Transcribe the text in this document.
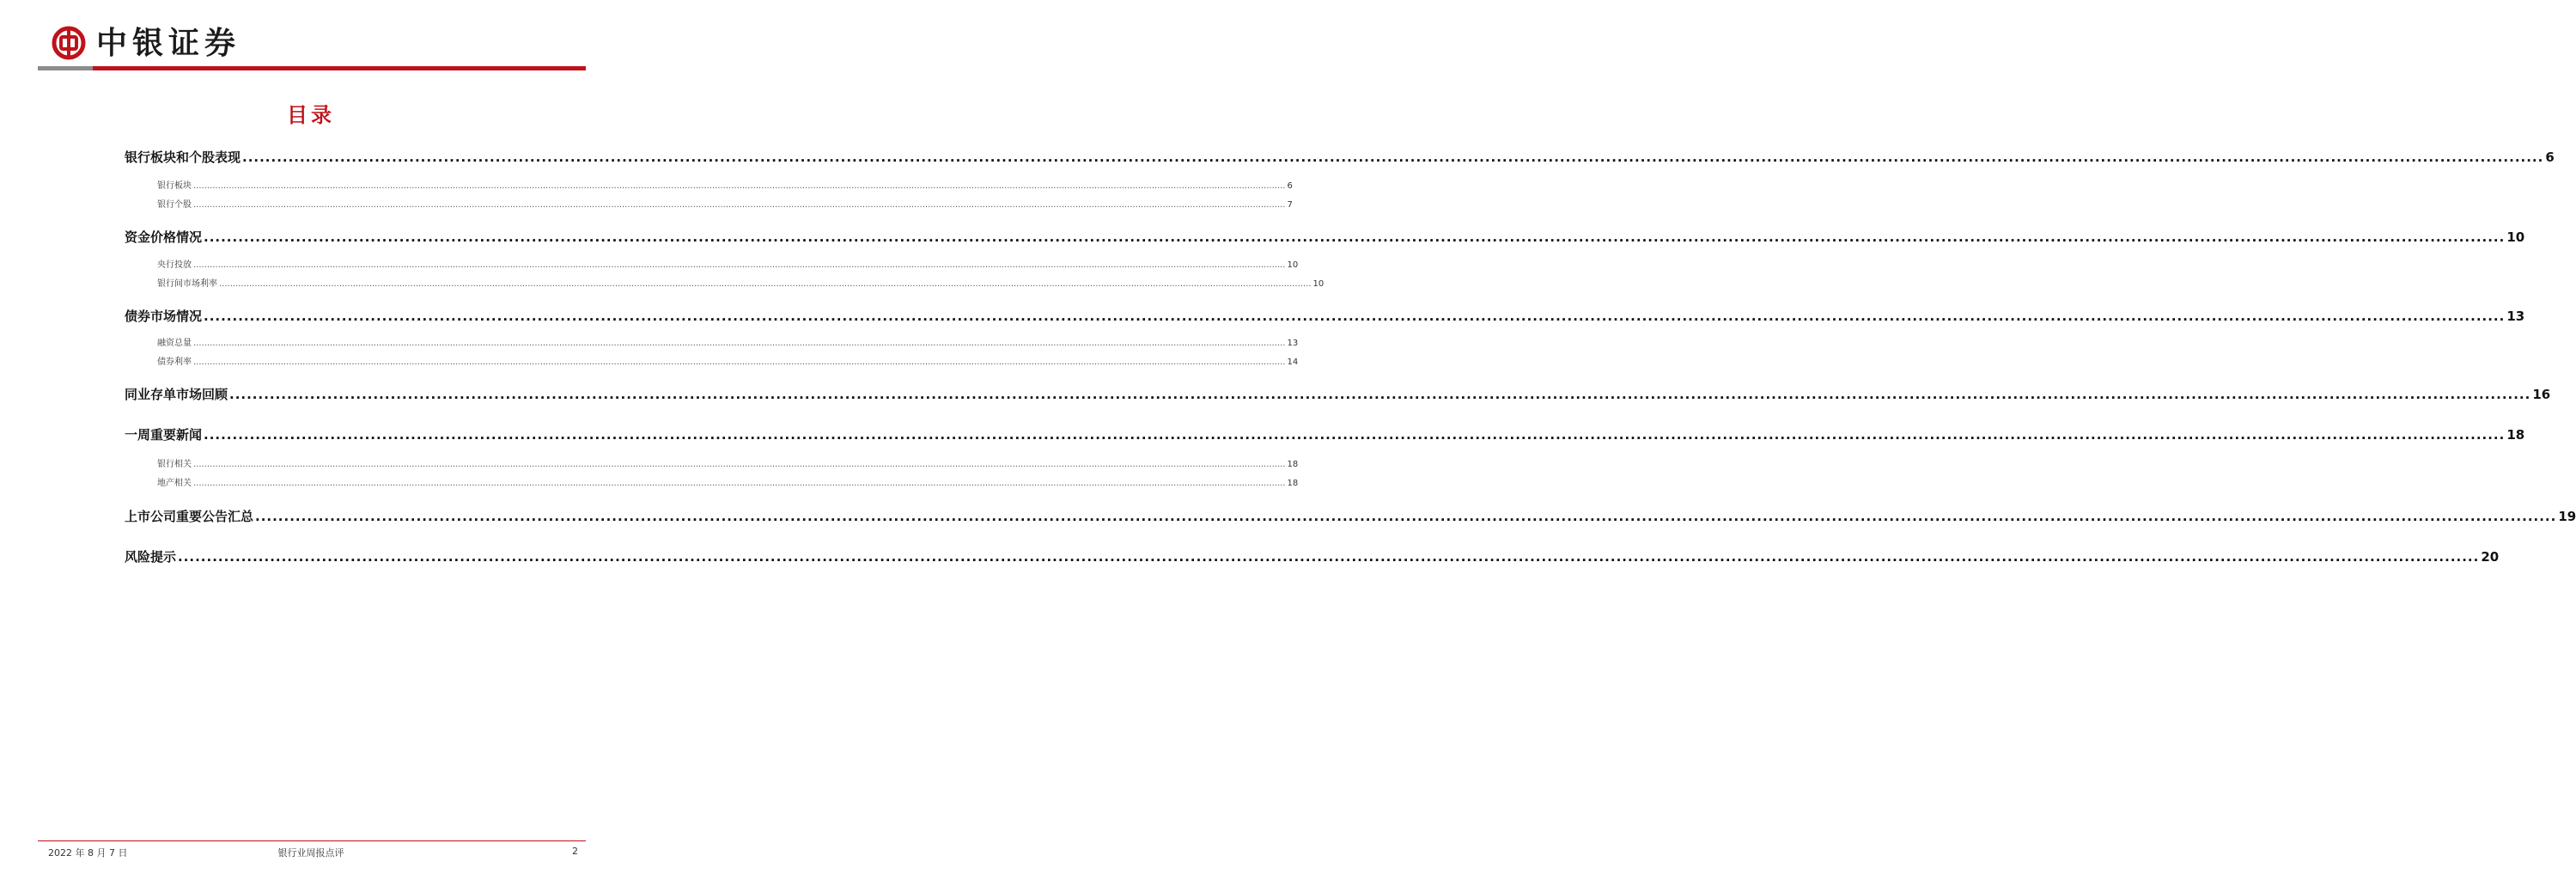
中银证券
目录
银行板块和个股表现 ................................................................................................................................................................................................................................................................................................................................................................................................................ 6
银行板块 ................................................................................................................................................................................................................................................................................................................................................................................................................ 6
银行个股 ................................................................................................................................................................................................................................................................................................................................................................................................................ 7
资金价格情况 ................................................................................................................................................................................................................................................................................................................................................................................................................ 10
央行投放 ................................................................................................................................................................................................................................................................................................................................................................................................................ 10
银行间市场利率 ................................................................................................................................................................................................................................................................................................................................................................................................................ 10
债券市场情况 ................................................................................................................................................................................................................................................................................................................................................................................................................ 13
融资总量 ................................................................................................................................................................................................................................................................................................................................................................................................................ 13
债券利率 ................................................................................................................................................................................................................................................................................................................................................................................................................ 14
同业存单市场回顾 ................................................................................................................................................................................................................................................................................................................................................................................................................ 16
一周重要新闻 ................................................................................................................................................................................................................................................................................................................................................................................................................ 18
银行相关 ................................................................................................................................................................................................................................................................................................................................................................................................................ 18
地产相关 ................................................................................................................................................................................................................................................................................................................................................................................................................ 18
上市公司重要公告汇总 ................................................................................................................................................................................................................................................................................................................................................................................................................ 19
风险提示 ................................................................................................................................................................................................................................................................................................................................................................................................................ 20
2022 年 8 月 7 日	银行业周报点评	2
